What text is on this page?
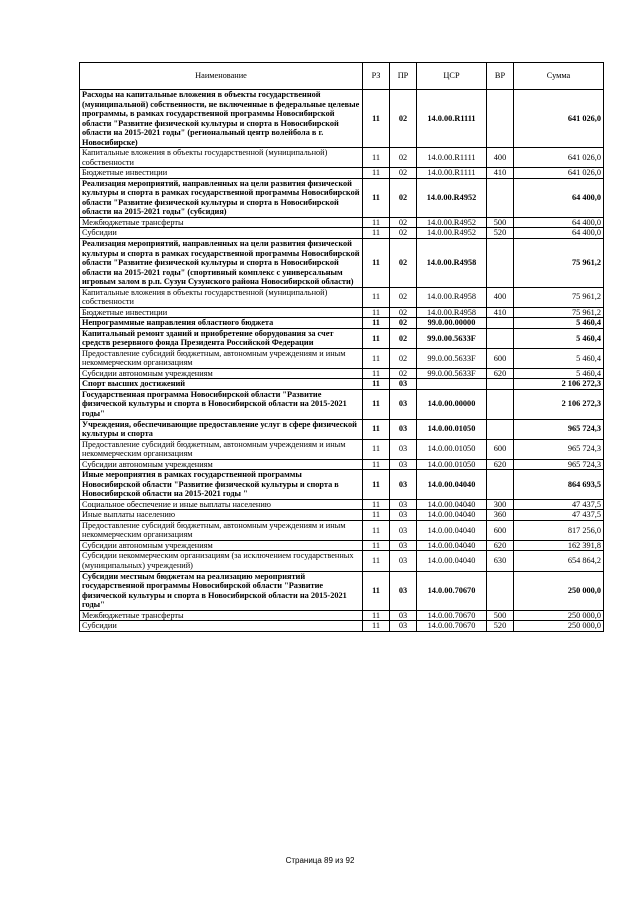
Наименование	РЗ	ПР	ЦСР	ВР	Сумма
Расходы на капитальные вложения в объекты государственной (муниципальной) собственности, не включенные в федеральные целевые программы, в рамках государственной программы Новосибирской области "Развитие физической культуры и спорта в Новосибирской области на 2015-2021 годы" (региональный центр волейбола в г. Новосибирске)	11	02	14.0.00.R1111		641 026,0
Капитальные вложения в объекты государственной (муниципальной) собственности	11	02	14.0.00.R1111	400	641 026,0
Бюджетные инвестиции	11	02	14.0.00.R1111	410	641 026,0
Реализация мероприятий, направленных на цели развития физической культуры и спорта в рамках государственной программы Новосибирской области "Развитие физической культуры и спорта в Новосибирской области на 2015-2021 годы" (субсидия)	11	02	14.0.00.R4952		64 400,0
Межбюджетные трансферты	11	02	14.0.00.R4952	500	64 400,0
Субсидии	11	02	14.0.00.R4952	520	64 400,0
Реализация мероприятий, направленных на цели развития физической культуры и спорта в рамках государственной программы Новосибирской области "Развитие физической культуры и спорта в Новосибирской области на 2015-2021 годы" (спортивный комплекс с универсальным игровым залом в р.п. Сузун Сузунского района Новосибирской области)	11	02	14.0.00.R4958		75 961,2
Капитальные вложения в объекты государственной (муниципальной) собственности	11	02	14.0.00.R4958	400	75 961,2
Бюджетные инвестиции	11	02	14.0.00.R4958	410	75 961,2
Непрограммные направления областного бюджета	11	02	99.0.00.00000		5 460,4
Капитальный ремонт зданий и приобретение оборудования за счет средств резервного фонда Президента Российской Федерации	11	02	99.0.00.5633F		5 460,4
Предоставление субсидий бюджетным, автономным учреждениям и иным некоммерческим организациям	11	02	99.0.00.5633F	600	5 460,4
Субсидии автономным учреждениям	11	02	99.0.00.5633F	620	5 460,4
Спорт высших достижений	11	03			2 106 272,3
Государственная программа Новосибирской области "Развитие физической культуры и спорта в Новосибирской области на 2015-2021 годы"	11	03	14.0.00.00000		2 106 272,3
Учреждения, обеспечивающие предоставление услуг в сфере физической культуры и спорта	11	03	14.0.00.01050		965 724,3
Предоставление субсидий бюджетным, автономным учреждениям и иным некоммерческим организациям	11	03	14.0.00.01050	600	965 724,3
Субсидии автономным учреждениям	11	03	14.0.00.01050	620	965 724,3
Иные мероприятия в рамках государственной программы Новосибирской области "Развитие физической культуры и спорта в Новосибирской области на 2015-2021 годы "	11	03	14.0.00.04040		864 693,5
Социальное обеспечение и иные выплаты населению	11	03	14.0.00.04040	300	47 437,5
Иные выплаты населению	11	03	14.0.00.04040	360	47 437,5
Предоставление субсидий бюджетным, автономным учреждениям и иным некоммерческим организациям	11	03	14.0.00.04040	600	817 256,0
Субсидии автономным учреждениям	11	03	14.0.00.04040	620	162 391,8
Субсидии некоммерческим организациям (за исключением государственных (муниципальных) учреждений)	11	03	14.0.00.04040	630	654 864,2
Субсидии местным бюджетам на реализацию мероприятий государственной программы Новосибирской области "Развитие физической культуры и спорта в Новосибирской области на 2015-2021 годы"	11	03	14.0.00.70670		250 000,0
Межбюджетные трансферты	11	03	14.0.00.70670	500	250 000,0
Субсидии	11	03	14.0.00.70670	520	250 000,0
Страница 89 из 92
